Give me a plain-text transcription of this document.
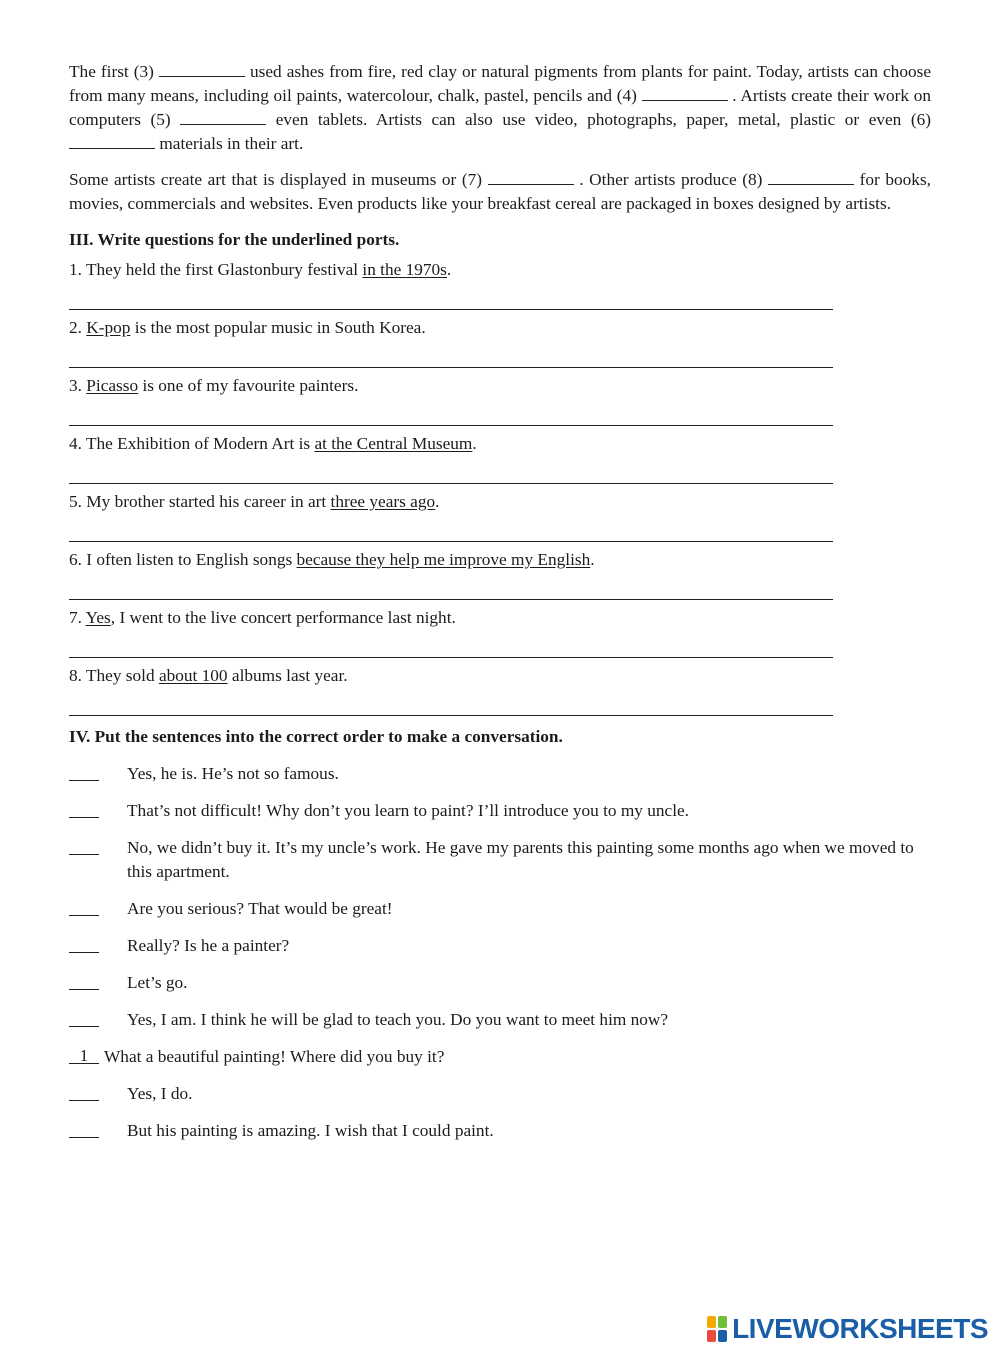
The first (3)	used ashes from fire, red clay or natural pigments from plants for paint. Today, artists can choose from many means, including oil paints, watercolour, chalk, pastel, pencils and (4)	. Artists create their work on computers (5)	even tablets. Artists can also use video, photographs, paper, metal, plastic or even (6)  materials in their art.

Some artists create art that is displayed in museums or (7)	. Other artists produce (8)	for books, movies, commercials and websites. Even products like your breakfast cereal are packaged in boxes designed by artists.

III. Write questions for the underlined ports.
1. They held the first Glastonbury festival in the 1970s.
2. K-pop is the most popular music in South Korea.
3. Picasso is one of my favourite painters.
4. The Exhibition of Modern Art is at the Central Museum.
5. My brother started his career in art three years ago.
6. I often listen to English songs because they help me improve my English.
7. Yes, I went to the live concert performance last night.
8. They sold about 100 albums last year.
IV. Put the sentences into the correct order to make a conversation.
Yes, he is. He’s not so famous.
That’s not difficult! Why don’t you learn to paint? I’ll introduce you to my uncle.
No, we didn’t buy it. It’s my uncle’s work. He gave my parents this painting some months ago when we moved to this apartment.
Are you serious? That would be great!
Really? Is he a painter?
Let’s go.
Yes, I am. I think he will be glad to teach you. Do you want to meet him now?
1 What a beautiful painting! Where did you buy it?
Yes, I do.
But his painting is amazing. I wish that I could paint.
LIVEWORKSHEETS
